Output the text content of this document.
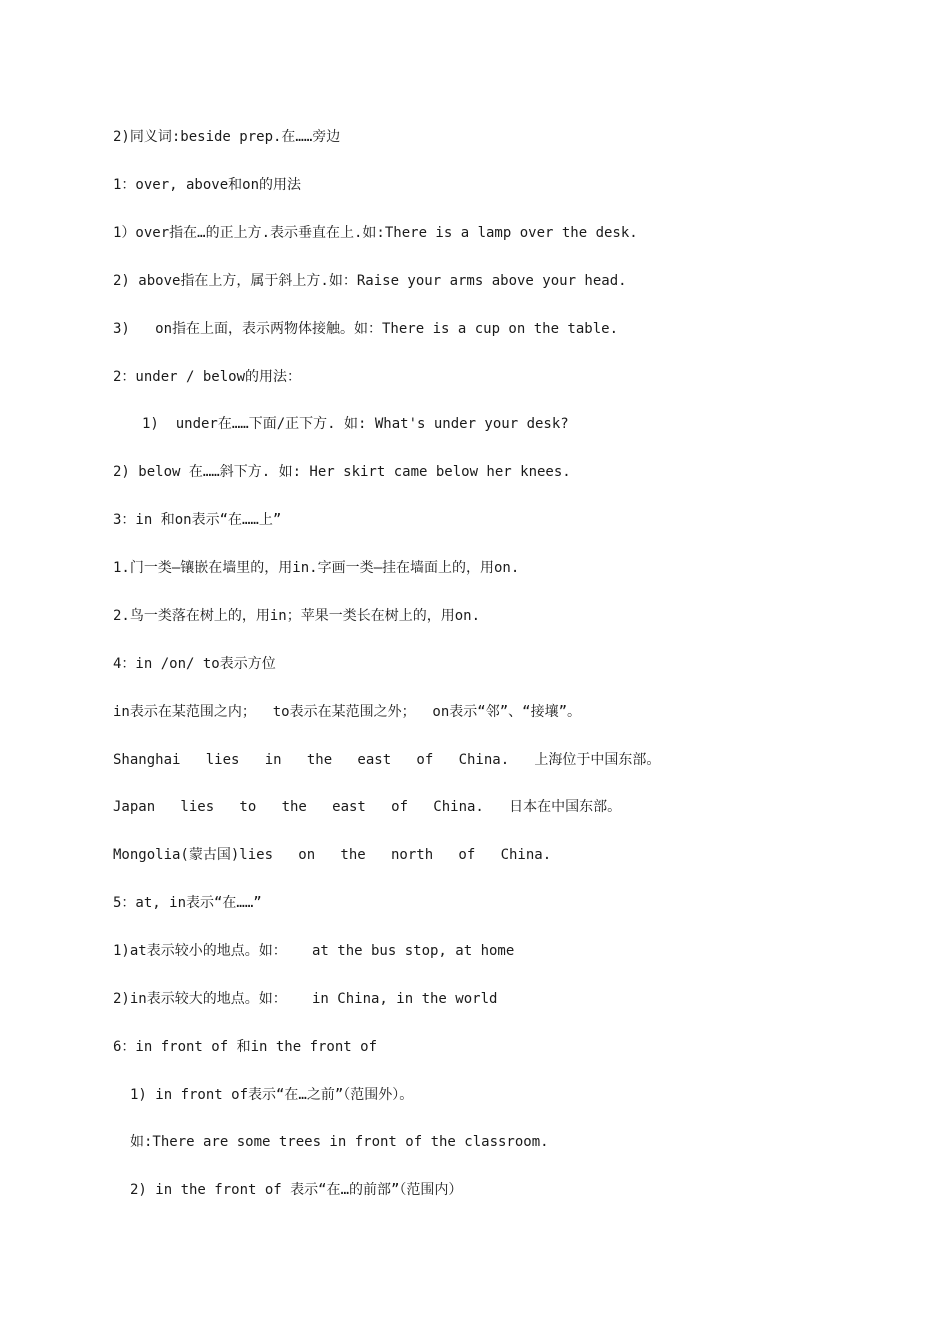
2)同义词:beside prep.在……旁边
1：over, above和on的用法
1）over指在…的正上方.表示垂直在上.如:There is a lamp over the desk.
2) above指在上方，属于斜上方.如：Raise your arms above your head.
3)   on指在上面，表示两物体接触。如：There is a cup on the table.
2：under / below的用法：
1)  under在……下面/正下方. 如: What's under your desk?
2) below 在……斜下方. 如: Her skirt came below her knees.
3：in 和on表示“在……上”
1.门一类—镶嵌在墙里的，用in.字画一类—挂在墙面上的，用on.
2.鸟一类落在树上的，用in；苹果一类长在树上的，用on.
4：in /on/ to表示方位
in表示在某范围之内；  to表示在某范围之外；  on表示“邻”、“接壤”。
Shanghai   lies   in   the   east   of   China.   上海位于中国东部。
Japan   lies   to   the   east   of   China.   日本在中国东部。
Mongolia(蒙古国)lies   on   the   north   of   China.
5：at, in表示“在……”
1)at表示较小的地点。如：   at the bus stop, at home
2)in表示较大的地点。如：   in China, in the world
6：in front of 和in the front of
1) in front of表示“在…之前”（范围外）。
如:There are some trees in front of the classroom.
2) in the front of 表示“在…的前部”（范围内）
